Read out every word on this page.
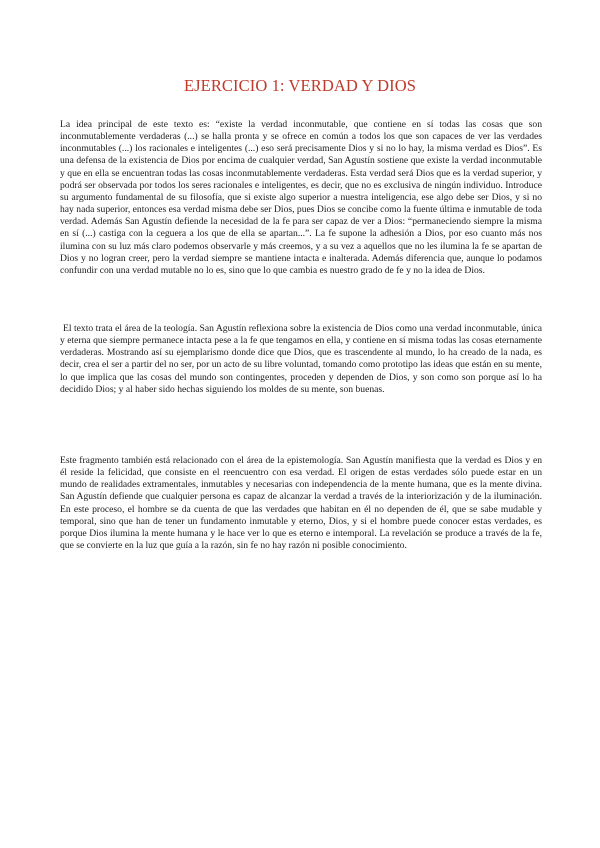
EJERCICIO 1: VERDAD Y DIOS

La idea principal de este texto es: “existe la verdad inconmutable, que contiene en sí todas las cosas que son inconmutablemente verdaderas (...) se halla pronta y se ofrece en común a todos los que son capaces de ver las verdades inconmutables (...) los racionales e inteligentes (...) eso será precisamente Dios y si no lo hay, la misma verdad es Dios”. Es una defensa de la existencia de Dios por encima de cualquier verdad, San Agustín sostiene que existe la verdad inconmutable y que en ella se encuentran todas las cosas inconmutablemente verdaderas. Esta verdad será Dios que es la verdad superior, y podrá ser observada por todos los seres racionales e inteligentes, es decir, que no es exclusiva de ningún individuo. Introduce su argumento fundamental de su filosofía, que si existe algo superior a nuestra inteligencia, ese algo debe ser Dios, y si no hay nada superior, entonces esa verdad misma debe ser Dios, pues Dios se concibe como la fuente última e inmutable de toda verdad. Además San Agustín defiende la necesidad de la fe para ser capaz de ver a Dios: “permaneciendo siempre la misma en sí (...) castiga con la ceguera a los que de ella se apartan...”. La fe supone la adhesión a Dios, por eso cuanto más nos ilumina con su luz más claro podemos observarle y más creemos, y a su vez a aquellos que no les ilumina la fe se apartan de Dios y no logran creer, pero la verdad siempre se mantiene intacta e inalterada. Además diferencia que, aunque lo podamos confundir con una verdad mutable no lo es, sino que lo que cambia es nuestro grado de fe y no la idea de Dios.

El texto trata el área de la teología. San Agustín reflexiona sobre la existencia de Dios como una verdad inconmutable, única y eterna que siempre permanece intacta pese a la fe que tengamos en ella, y contiene en sí misma todas las cosas eternamente verdaderas. Mostrando así su ejemplarismo donde dice que Dios, que es trascendente al mundo, lo ha creado de la nada, es decir, crea el ser a partir del no ser, por un acto de su libre voluntad, tomando como prototipo las ideas que están en su mente, lo que implica que las cosas del mundo son contingentes, proceden y dependen de Dios, y son como son porque así lo ha decidido Dios; y al haber sido hechas siguiendo los moldes de su mente, son buenas.

Este fragmento también está relacionado con el área de la epistemología. San Agustín manifiesta que la verdad es Dios y en él reside la felicidad, que consiste en el reencuentro con esa verdad. El origen de estas verdades sólo puede estar en un mundo de realidades extramentales, inmutables y necesarias con independencia de la mente humana, que es la mente divina. San Agustín defiende que cualquier persona es capaz de alcanzar la verdad a través de la interiorización y de la iluminación. En este proceso, el hombre se da cuenta de que las verdades que habitan en él no dependen de él, que se sabe mudable y temporal, sino que han de tener un fundamento inmutable y eterno, Dios, y si el hombre puede conocer estas verdades, es porque Dios ilumina la mente humana y le hace ver lo que es eterno e intemporal. La revelación se produce a través de la fe, que se convierte en la luz que guía a la razón, sin fe no hay razón ni posible conocimiento.
